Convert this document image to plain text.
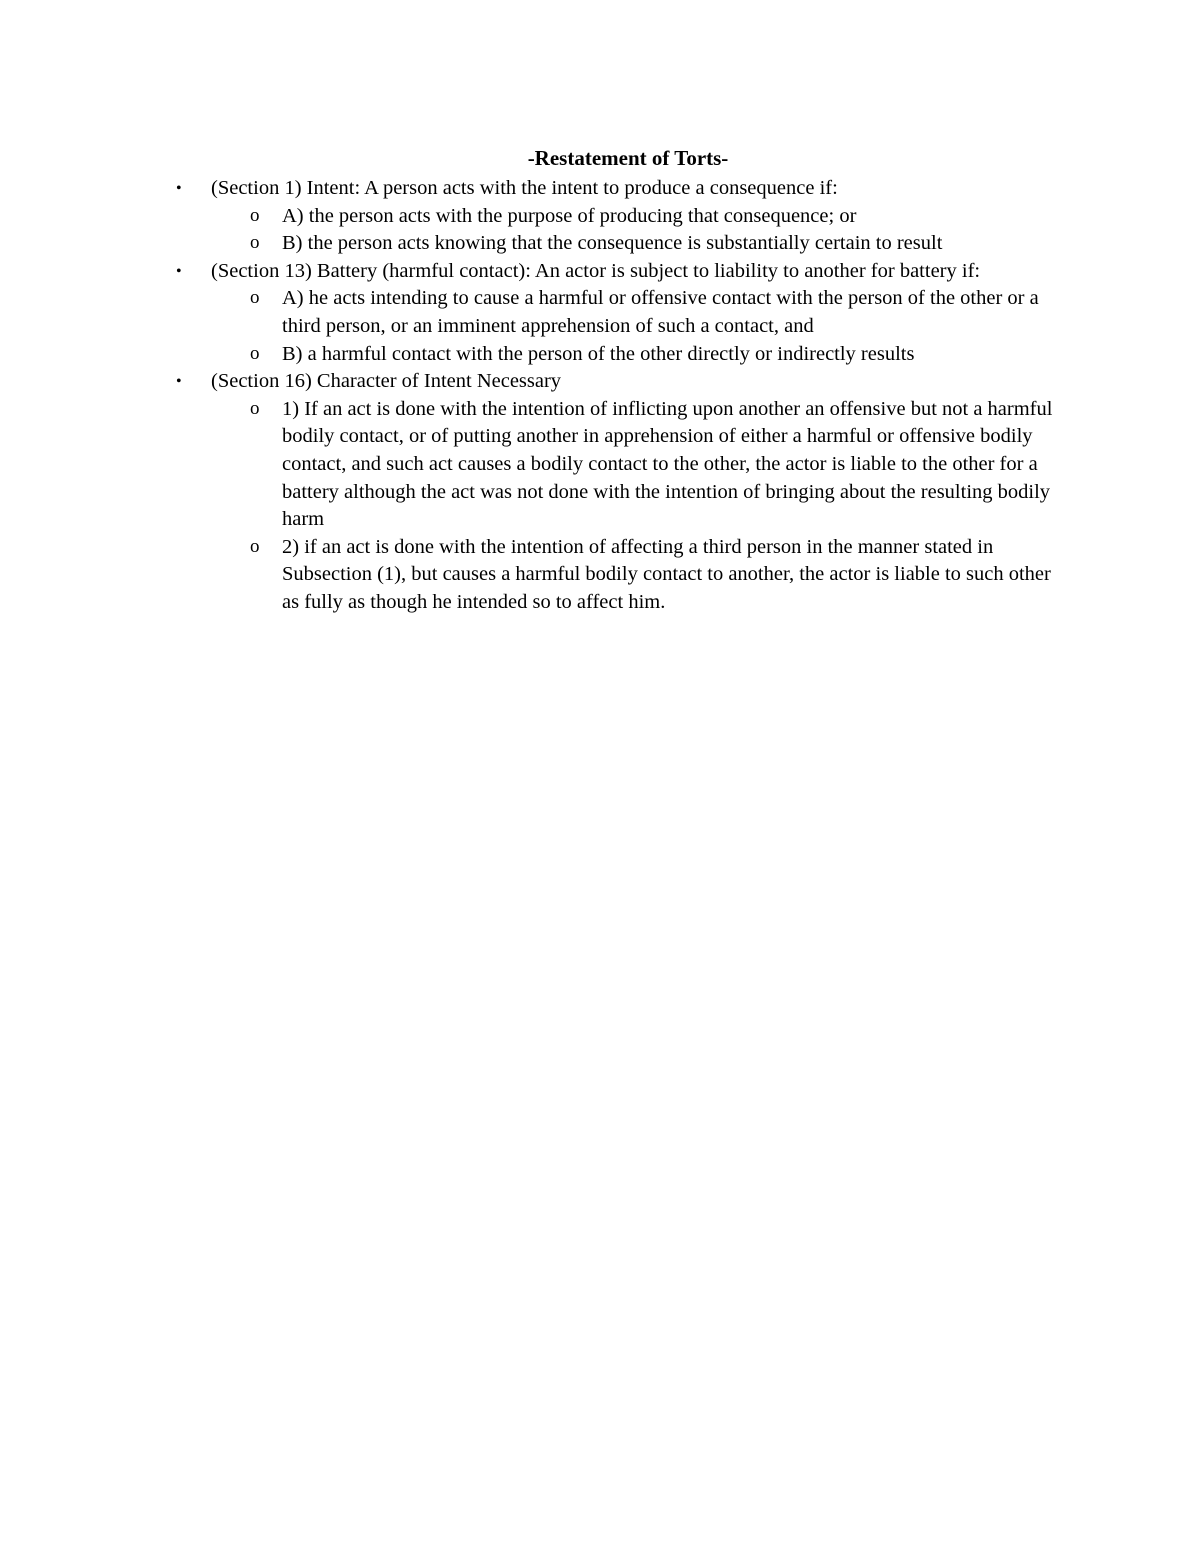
-Restatement of Torts-
• (Section 1) Intent: A person acts with the intent to produce a consequence if:
o A) the person acts with the purpose of producing that consequence; or
o B) the person acts knowing that the consequence is substantially certain to result
• (Section 13) Battery (harmful contact): An actor is subject to liability to another for battery if:
o A) he acts intending to cause a harmful or offensive contact with the person of the other or a third person, or an imminent apprehension of such a contact, and
o B) a harmful contact with the person of the other directly or indirectly results
• (Section 16) Character of Intent Necessary
o 1) If an act is done with the intention of inflicting upon another an offensive but not a harmful bodily contact, or of putting another in apprehension of either a harmful or offensive bodily contact, and such act causes a bodily contact to the other, the actor is liable to the other for a battery although the act was not done with the intention of bringing about the resulting bodily harm
o 2) if an act is done with the intention of affecting a third person in the manner stated in Subsection (1), but causes a harmful bodily contact to another, the actor is liable to such other as fully as though he intended so to affect him.
